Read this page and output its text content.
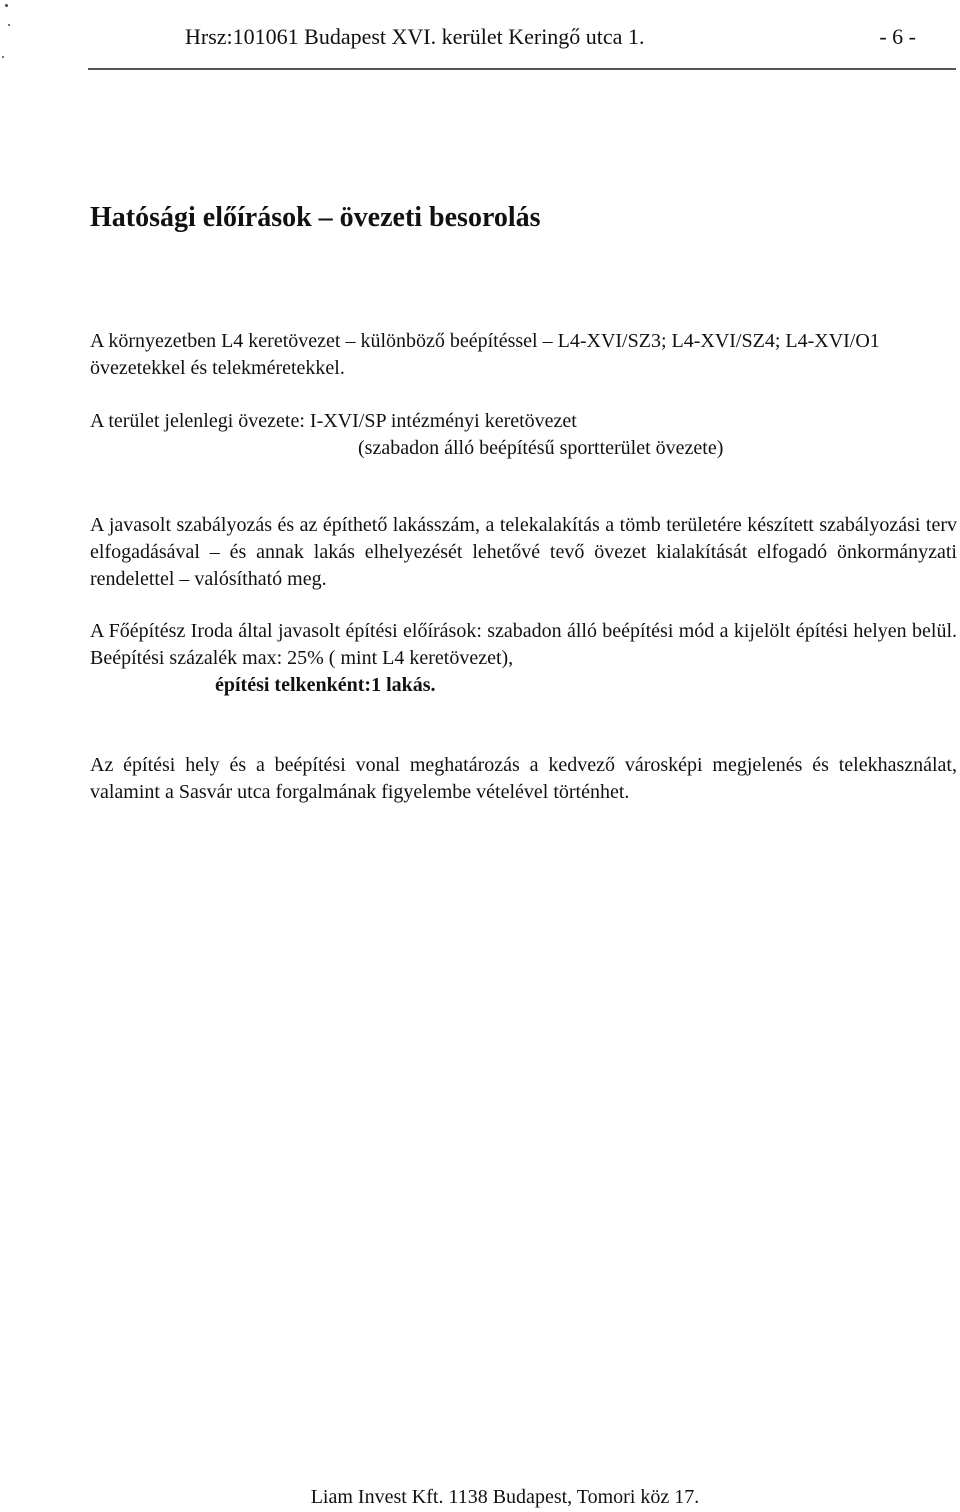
Hrsz:101061 Budapest XVI. kerület Keringő utca 1.	- 6 -
Hatósági előírások – övezeti besorolás

A környezetben L4 keretövezet – különböző beépítéssel – L4-XVI/SZ3; L4-XVI/SZ4; L4-XVI/O1 övezetekkel és telekméretekkel.

A terület jelenlegi övezete: I-XVI/SP intézményi keretövezet
(szabadon álló beépítésű sportterület övezete)

A javasolt szabályozás és az építhető lakásszám, a telekalakítás a tömb területére készített szabályozási terv elfogadásával – és annak lakás elhelyezését lehetővé tevő övezet kialakítását elfogadó önkormányzati rendelettel – valósítható meg.

A Főépítész Iroda által javasolt építési előírások: szabadon álló beépítési mód a kijelölt építési helyen belül. Beépítési százalék max: 25% ( mint L4 keretövezet),
építési telkenként:1 lakás.

Az építési hely és a beépítési vonal meghatározás a kedvező városképi megjelenés és telekhasználat, valamint a Sasvár utca forgalmának figyelembe vételével történhet.

Liam Invest Kft. 1138 Budapest, Tomori köz 17.
